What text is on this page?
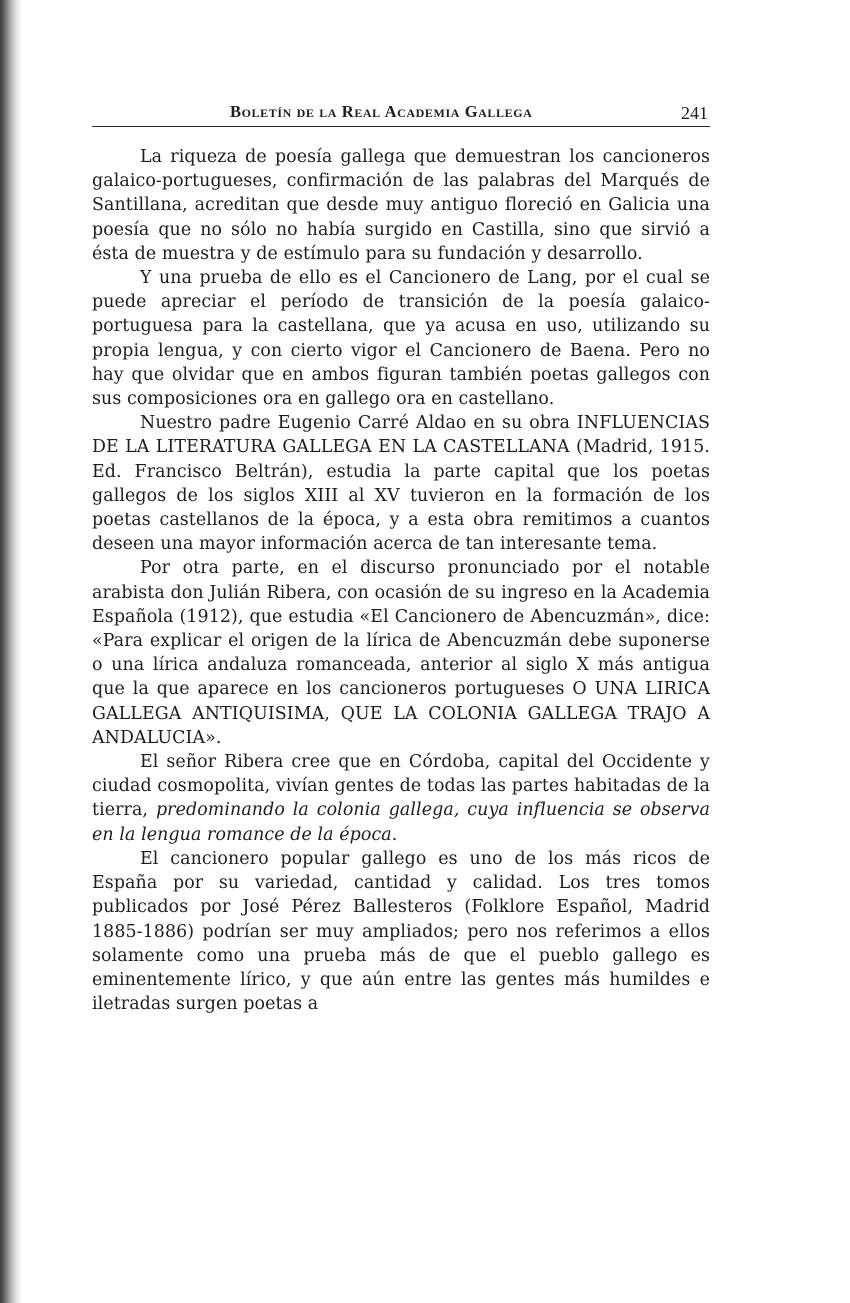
Boletín de la Real Academia Gallega	241

La riqueza de poesía gallega que demuestran los cancioneros galaico-portugueses, confirmación de las palabras del Marqués de Santillana, acreditan que desde muy antiguo floreció en Galicia una poesía que no sólo no había surgido en Castilla, sino que sirvió a ésta de muestra y de estímulo para su fundación y desarrollo.

Y una prueba de ello es el Cancionero de Lang, por el cual se puede apreciar el período de transición de la poesía galaico-portuguesa para la castellana, que ya acusa en uso, utilizando su propia lengua, y con cierto vigor el Cancionero de Baena. Pero no hay que olvidar que en ambos figuran también poetas gallegos con sus composiciones ora en gallego ora en castellano.

Nuestro padre Eugenio Carré Aldao en su obra INFLUENCIAS DE LA LITERATURA GALLEGA EN LA CASTELLANA (Madrid, 1915. Ed. Francisco Beltrán), estudia la parte capital que los poetas gallegos de los siglos XIII al XV tuvieron en la formación de los poetas castellanos de la época, y a esta obra remitimos a cuantos deseen una mayor información acerca de tan interesante tema.

Por otra parte, en el discurso pronunciado por el notable arabista don Julián Ribera, con ocasión de su ingreso en la Academia Española (1912), que estudia «El Cancionero de Abencuzmán», dice: «Para explicar el origen de la lírica de Abencuzmán debe suponerse o una lírica andaluza romanceada, anterior al siglo X más antigua que la que aparece en los cancioneros portugueses O UNA LIRICA GALLEGA ANTIQUISIMA, QUE LA COLONIA GALLEGA TRAJO A ANDALUCIA».

El señor Ribera cree que en Córdoba, capital del Occidente y ciudad cosmopolita, vivían gentes de todas las partes habitadas de la tierra, predominando la colonia gallega, cuya influencia se observa en la lengua romance de la época.

El cancionero popular gallego es uno de los más ricos de España por su variedad, cantidad y calidad. Los tres tomos publicados por José Pérez Ballesteros (Folklore Español, Madrid 1885-1886) podrían ser muy ampliados; pero nos referimos a ellos solamente como una prueba más de que el pueblo gallego es eminentemente lírico, y que aún entre las gentes más humildes e iletradas surgen poetas a
